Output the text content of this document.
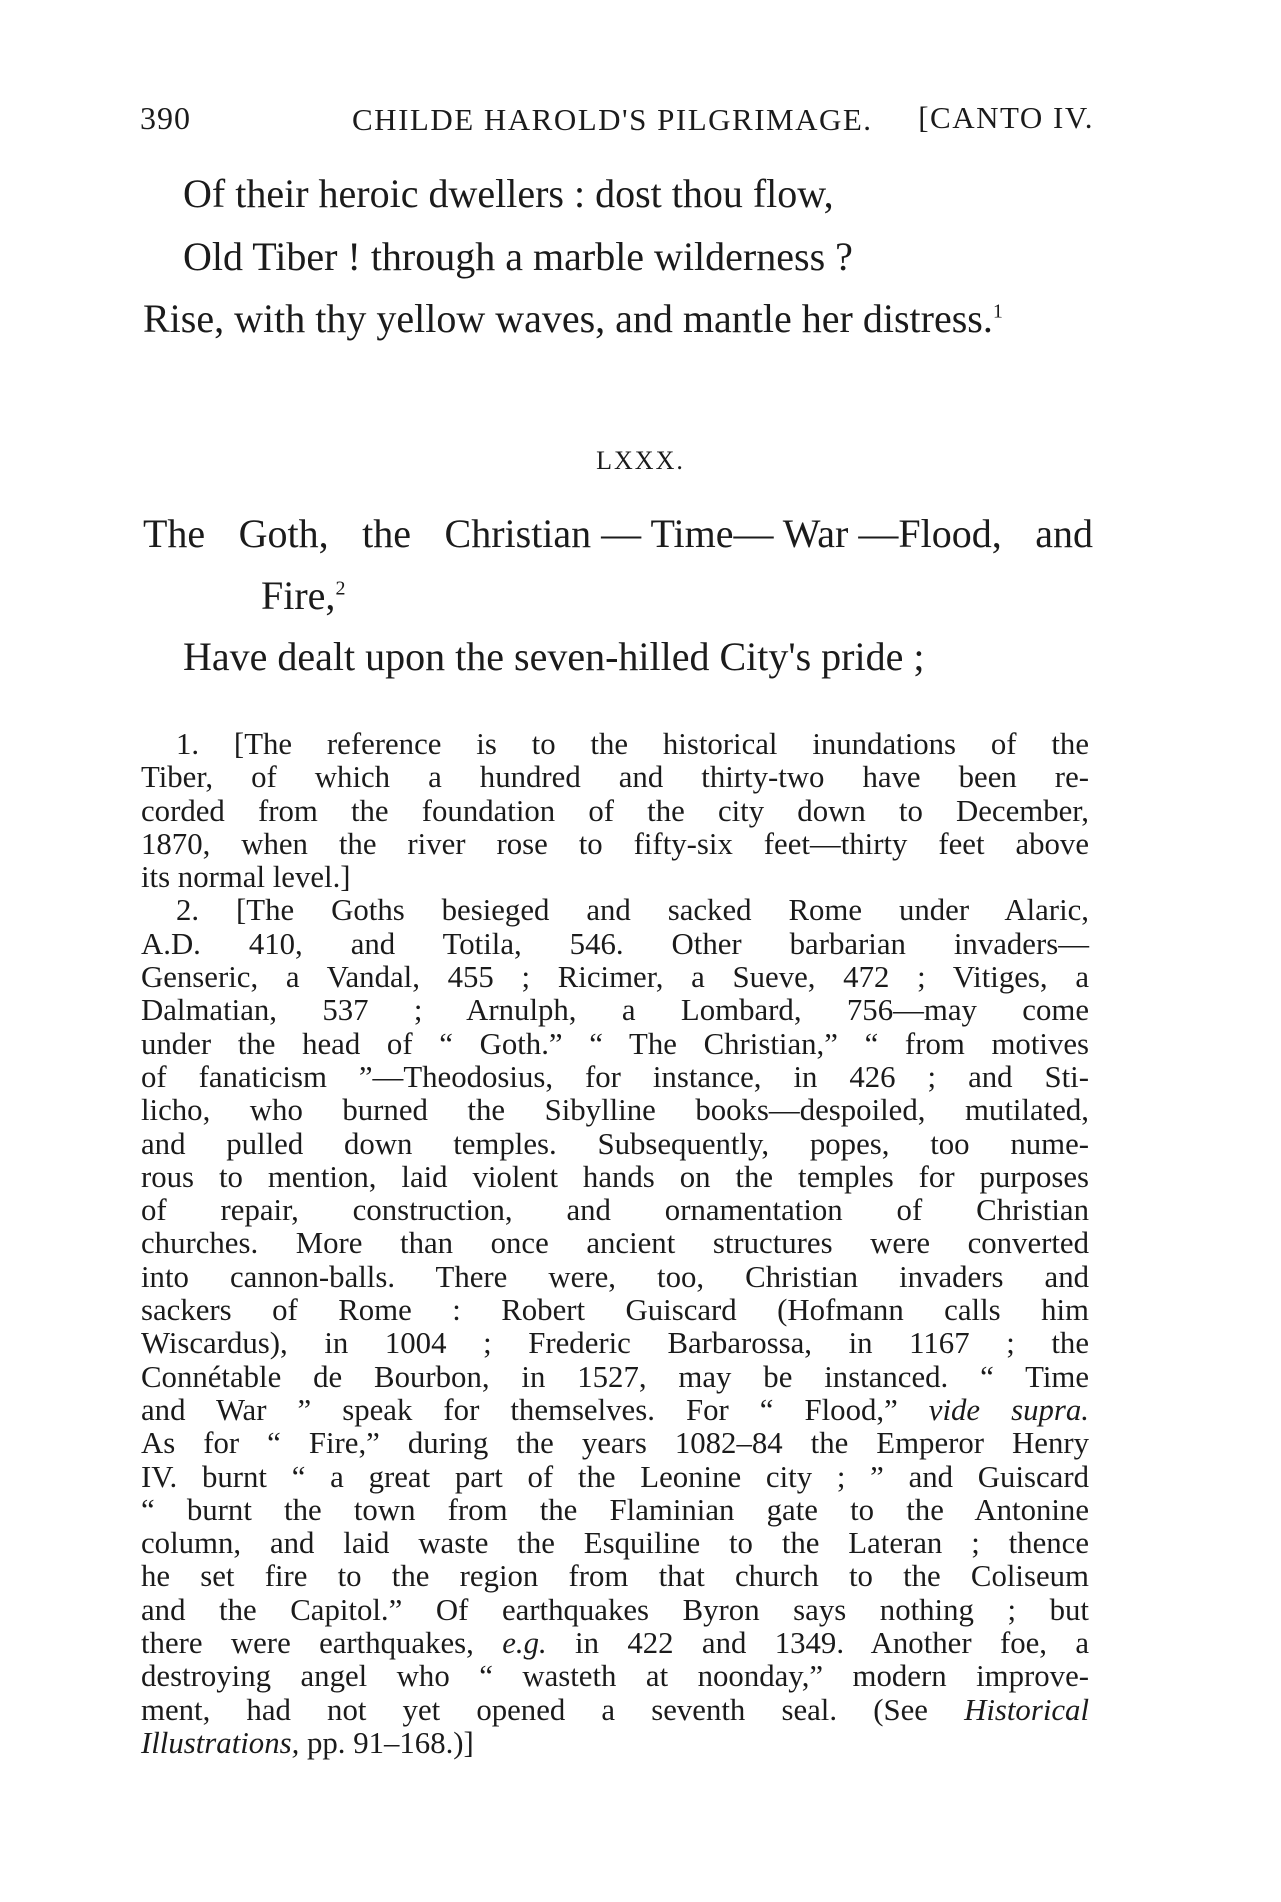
390	CHILDE HAROLD'S PILGRIMAGE. [CANTO IV.
Of their heroic dwellers : dost thou flow,
Old Tiber ! through a marble wilderness ?
Rise, with thy yellow waves, and mantle her distress.$^1$
LXXX.
The Goth, the Christian — Time— War —Flood, and
Fire,$^2$
Have dealt upon the seven-hilled City's pride ;
1. [The reference is to the historical inundations of the
Tiber, of which a hundred and thirty-two have been re-
corded from the foundation of the city down to December,
1870, when the river rose to fifty-six feet—thirty feet above
its normal level.]
2. [The Goths besieged and sacked Rome under Alaric,
A.D. 410, and Totila, 546. Other barbarian invaders—
Genseric, a Vandal, 455 ; Ricimer, a Sueve, 472 ; Vitiges, a
Dalmatian, 537 ; Arnulph, a Lombard, 756—may come
under the head of “ Goth.” “ The Christian,” “ from motives
of fanaticism ”—Theodosius, for instance, in 426 ; and Sti-
licho, who burned the Sibylline books—despoiled, mutilated,
and pulled down temples. Subsequently, popes, too nume-
rous to mention, laid violent hands on the temples for purposes
of repair, construction, and ornamentation of Christian
churches. More than once ancient structures were converted
into cannon-balls. There were, too, Christian invaders and
sackers of Rome : Robert Guiscard (Hofmann calls him
Wiscardus), in 1004 ; Frederic Barbarossa, in 1167 ; the
Connétable de Bourbon, in 1527, may be instanced. “ Time
and War ” speak for themselves. For “ Flood,” vide supra.
As for “ Fire,” during the years 1082–84 the Emperor Henry
IV. burnt “ a great part of the Leonine city ; ” and Guiscard
“ burnt the town from the Flaminian gate to the Antonine
column, and laid waste the Esquiline to the Lateran ; thence
he set fire to the region from that church to the Coliseum
and the Capitol.” Of earthquakes Byron says nothing ; but
there were earthquakes, e.g. in 422 and 1349. Another foe, a
destroying angel who “ wasteth at noonday,” modern improve-
ment, had not yet opened a seventh seal. (See Historical
Illustrations, pp. 91–168.)]
